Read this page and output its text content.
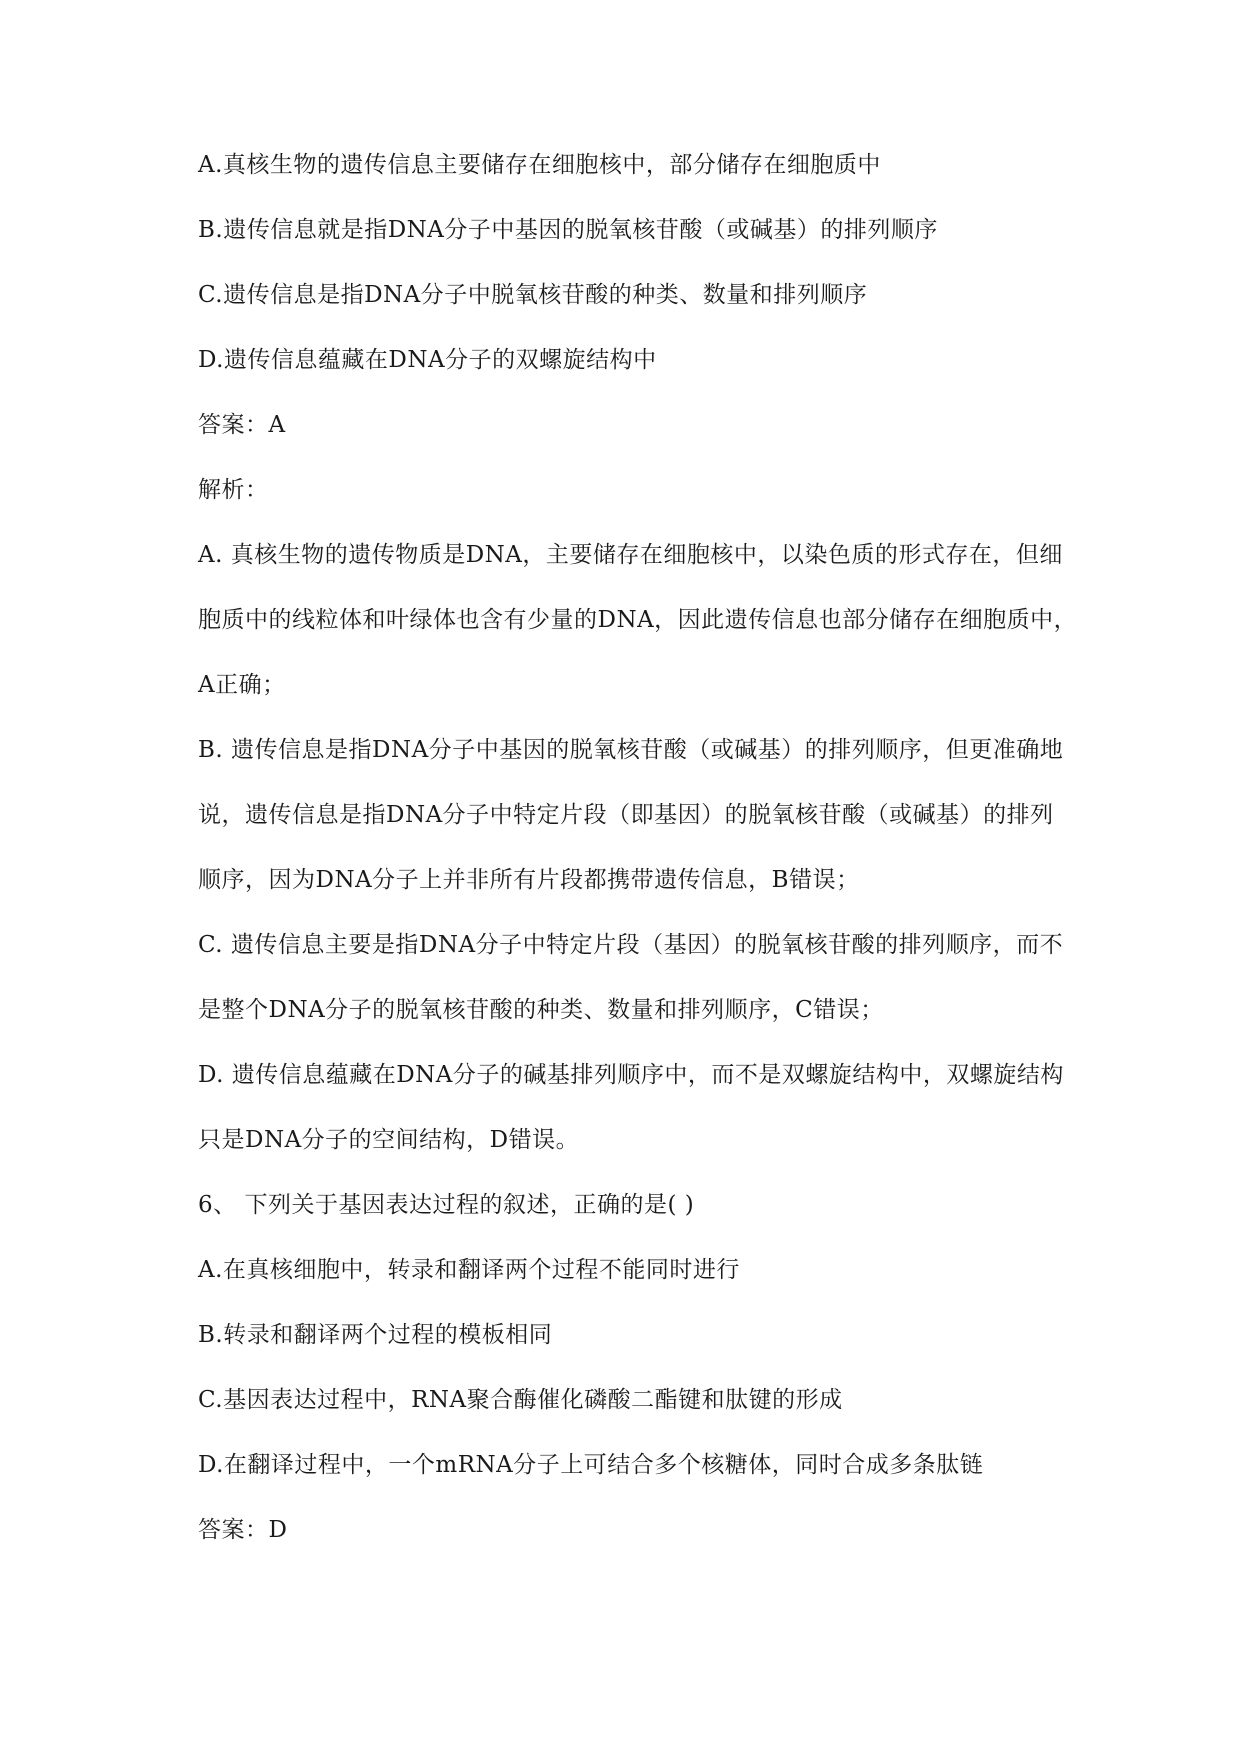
A.真核生物的遗传信息主要储存在细胞核中，部分储存在细胞质中
B.遗传信息就是指DNA分子中基因的脱氧核苷酸（或碱基）的排列顺序
C.遗传信息是指DNA分子中脱氧核苷酸的种类、数量和排列顺序
D.遗传信息蕴藏在DNA分子的双螺旋结构中
答案：A
解析：
A. 真核生物的遗传物质是DNA，主要储存在细胞核中，以染色质的形式存在，但细
胞质中的线粒体和叶绿体也含有少量的DNA，因此遗传信息也部分储存在细胞质中，
A正确；
B. 遗传信息是指DNA分子中基因的脱氧核苷酸（或碱基）的排列顺序，但更准确地
说，遗传信息是指DNA分子中特定片段（即基因）的脱氧核苷酸（或碱基）的排列
顺序，因为DNA分子上并非所有片段都携带遗传信息，B错误；
C. 遗传信息主要是指DNA分子中特定片段（基因）的脱氧核苷酸的排列顺序，而不
是整个DNA分子的脱氧核苷酸的种类、数量和排列顺序，C错误；
D. 遗传信息蕴藏在DNA分子的碱基排列顺序中，而不是双螺旋结构中，双螺旋结构
只是DNA分子的空间结构，D错误。
6、 下列关于基因表达过程的叙述，正确的是( )
A.在真核细胞中，转录和翻译两个过程不能同时进行
B.转录和翻译两个过程的模板相同
C.基因表达过程中，RNA聚合酶催化磷酸二酯键和肽键的形成
D.在翻译过程中，一个mRNA分子上可结合多个核糖体，同时合成多条肽链
答案：D
